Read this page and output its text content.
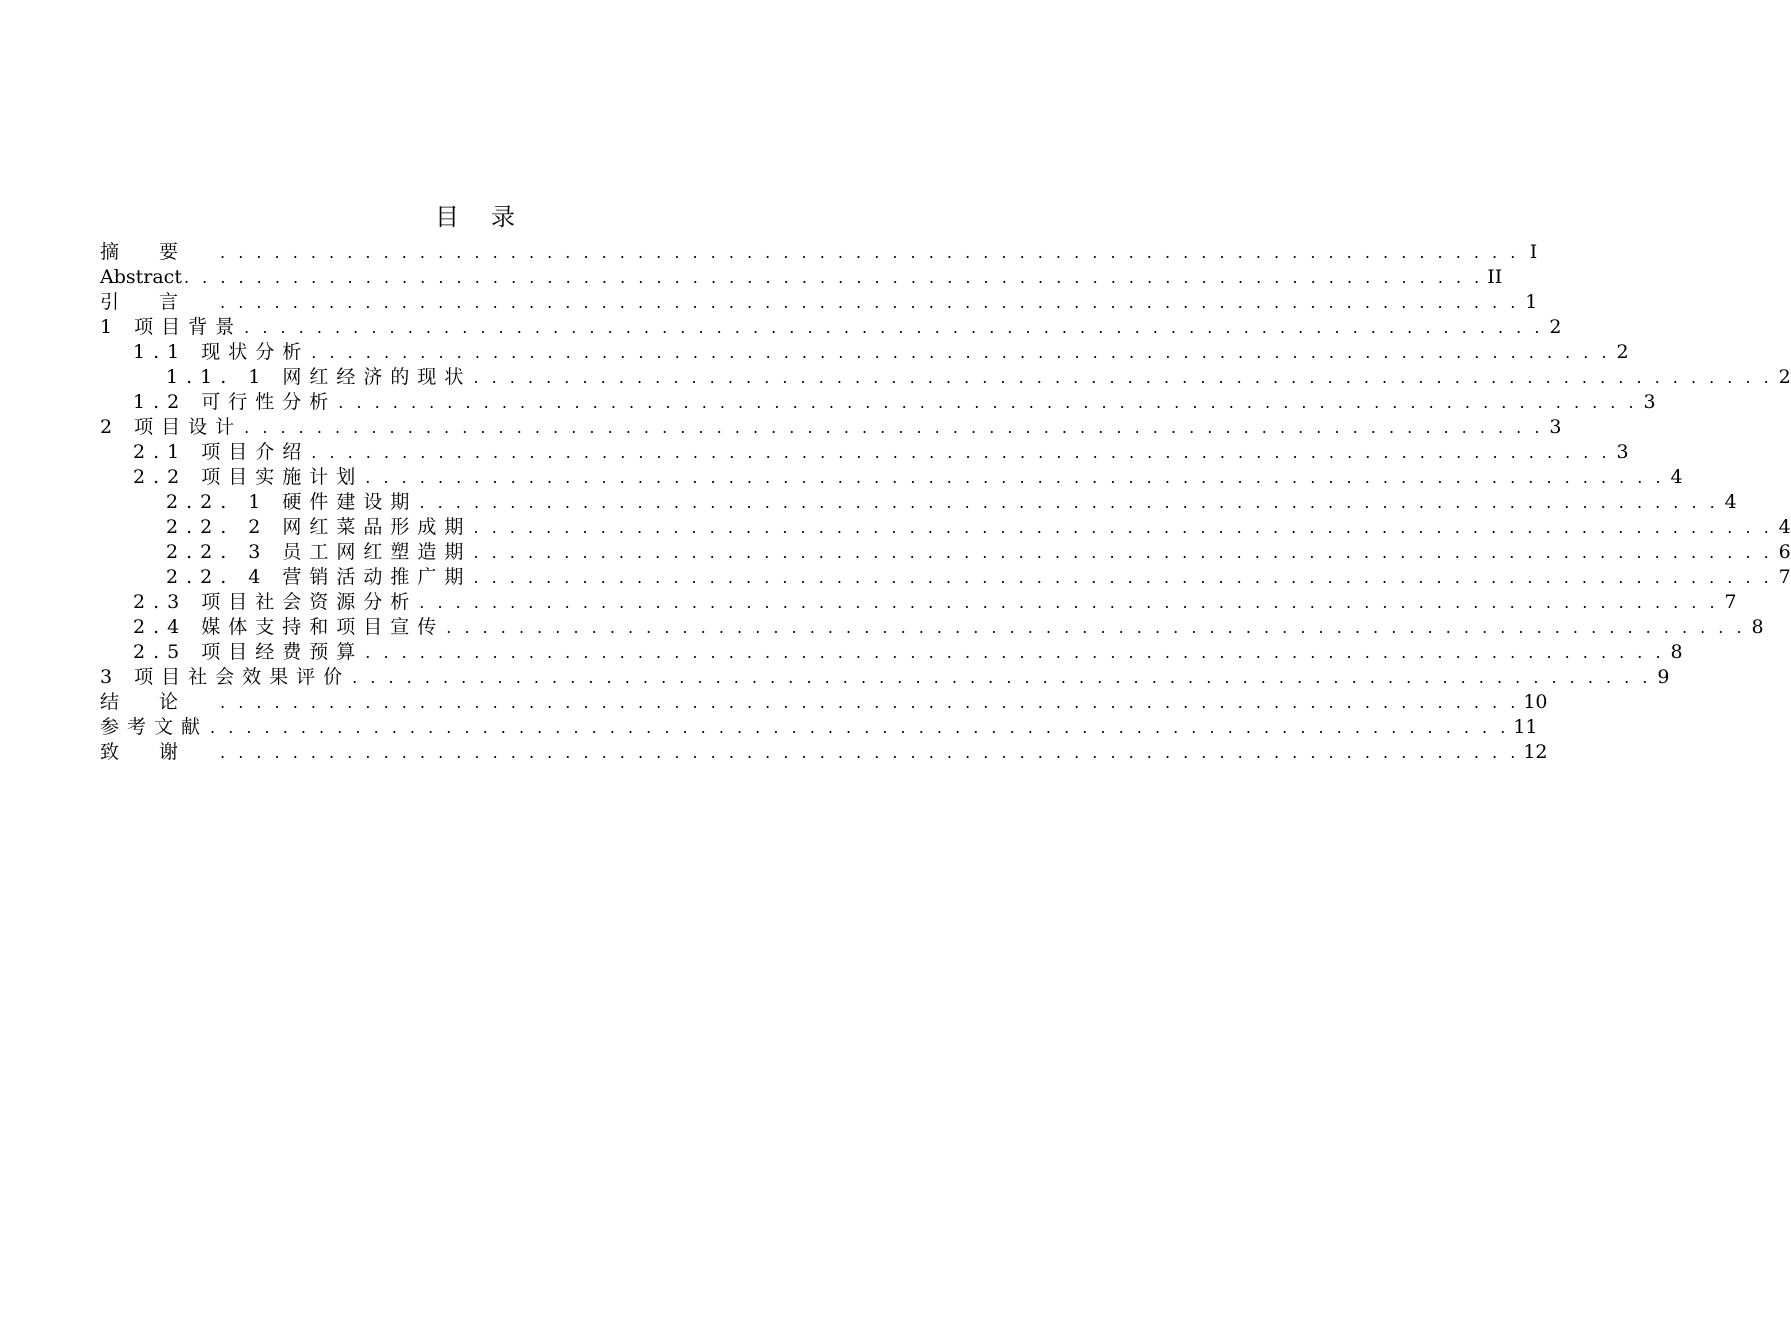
目录
摘要 . . . . . . . . . . . . . . . . . . . . . . . . . . . . . . . . . . . . . . . . . . . . . . . . . . . . . . . . . . . . . . . . . . . . . . . . I
Abstract . . . . . . . . . . . . . . . . . . . . . . . . . . . . . . . . . . . . . . . . . . . . . . . . . . . . . . . . . . . . . . . . . . . . . . . . II
引言 . . . . . . . . . . . . . . . . . . . . . . . . . . . . . . . . . . . . . . . . . . . . . . . . . . . . . . . . . . . . . . . . . . . . . . . . 1
1 项目背景 . . . . . . . . . . . . . . . . . . . . . . . . . . . . . . . . . . . . . . . . . . . . . . . . . . . . . . . . . . . . . . . . . . . . . . . . 2
1.1 现状分析 . . . . . . . . . . . . . . . . . . . . . . . . . . . . . . . . . . . . . . . . . . . . . . . . . . . . . . . . . . . . . . . . . . . . . . . . 2
1.1. 1 网红经济的现状 . . . . . . . . . . . . . . . . . . . . . . . . . . . . . . . . . . . . . . . . . . . . . . . . . . . . . . . . . . . . . . . . . . . . . . . . 2
1.2 可行性分析 . . . . . . . . . . . . . . . . . . . . . . . . . . . . . . . . . . . . . . . . . . . . . . . . . . . . . . . . . . . . . . . . . . . . . . . . 3
2 项目设计 . . . . . . . . . . . . . . . . . . . . . . . . . . . . . . . . . . . . . . . . . . . . . . . . . . . . . . . . . . . . . . . . . . . . . . . . 3
2.1 项目介绍 . . . . . . . . . . . . . . . . . . . . . . . . . . . . . . . . . . . . . . . . . . . . . . . . . . . . . . . . . . . . . . . . . . . . . . . . 3
2.2 项目实施计划 . . . . . . . . . . . . . . . . . . . . . . . . . . . . . . . . . . . . . . . . . . . . . . . . . . . . . . . . . . . . . . . . . . . . . . . . 4
2.2. 1 硬件建设期 . . . . . . . . . . . . . . . . . . . . . . . . . . . . . . . . . . . . . . . . . . . . . . . . . . . . . . . . . . . . . . . . . . . . . . . . 4
2.2. 2 网红菜品形成期 . . . . . . . . . . . . . . . . . . . . . . . . . . . . . . . . . . . . . . . . . . . . . . . . . . . . . . . . . . . . . . . . . . . . . . . . 4
2.2. 3 员工网红塑造期 . . . . . . . . . . . . . . . . . . . . . . . . . . . . . . . . . . . . . . . . . . . . . . . . . . . . . . . . . . . . . . . . . . . . . . . . 6
2.2. 4 营销活动推广期 . . . . . . . . . . . . . . . . . . . . . . . . . . . . . . . . . . . . . . . . . . . . . . . . . . . . . . . . . . . . . . . . . . . . . . . . 7
2.3 项目社会资源分析 . . . . . . . . . . . . . . . . . . . . . . . . . . . . . . . . . . . . . . . . . . . . . . . . . . . . . . . . . . . . . . . . . . . . . . . . 7
2.4 媒体支持和项目宣传 . . . . . . . . . . . . . . . . . . . . . . . . . . . . . . . . . . . . . . . . . . . . . . . . . . . . . . . . . . . . . . . . . . . . . . . . 8
2.5 项目经费预算 . . . . . . . . . . . . . . . . . . . . . . . . . . . . . . . . . . . . . . . . . . . . . . . . . . . . . . . . . . . . . . . . . . . . . . . . 8
3 项目社会效果评价 . . . . . . . . . . . . . . . . . . . . . . . . . . . . . . . . . . . . . . . . . . . . . . . . . . . . . . . . . . . . . . . . . . . . . . . . 9
结论 . . . . . . . . . . . . . . . . . . . . . . . . . . . . . . . . . . . . . . . . . . . . . . . . . . . . . . . . . . . . . . . . . . . . . . . . 10
参考文献 . . . . . . . . . . . . . . . . . . . . . . . . . . . . . . . . . . . . . . . . . . . . . . . . . . . . . . . . . . . . . . . . . . . . . . . . 11
致谢 . . . . . . . . . . . . . . . . . . . . . . . . . . . . . . . . . . . . . . . . . . . . . . . . . . . . . . . . . . . . . . . . . . . . . . . . 12
